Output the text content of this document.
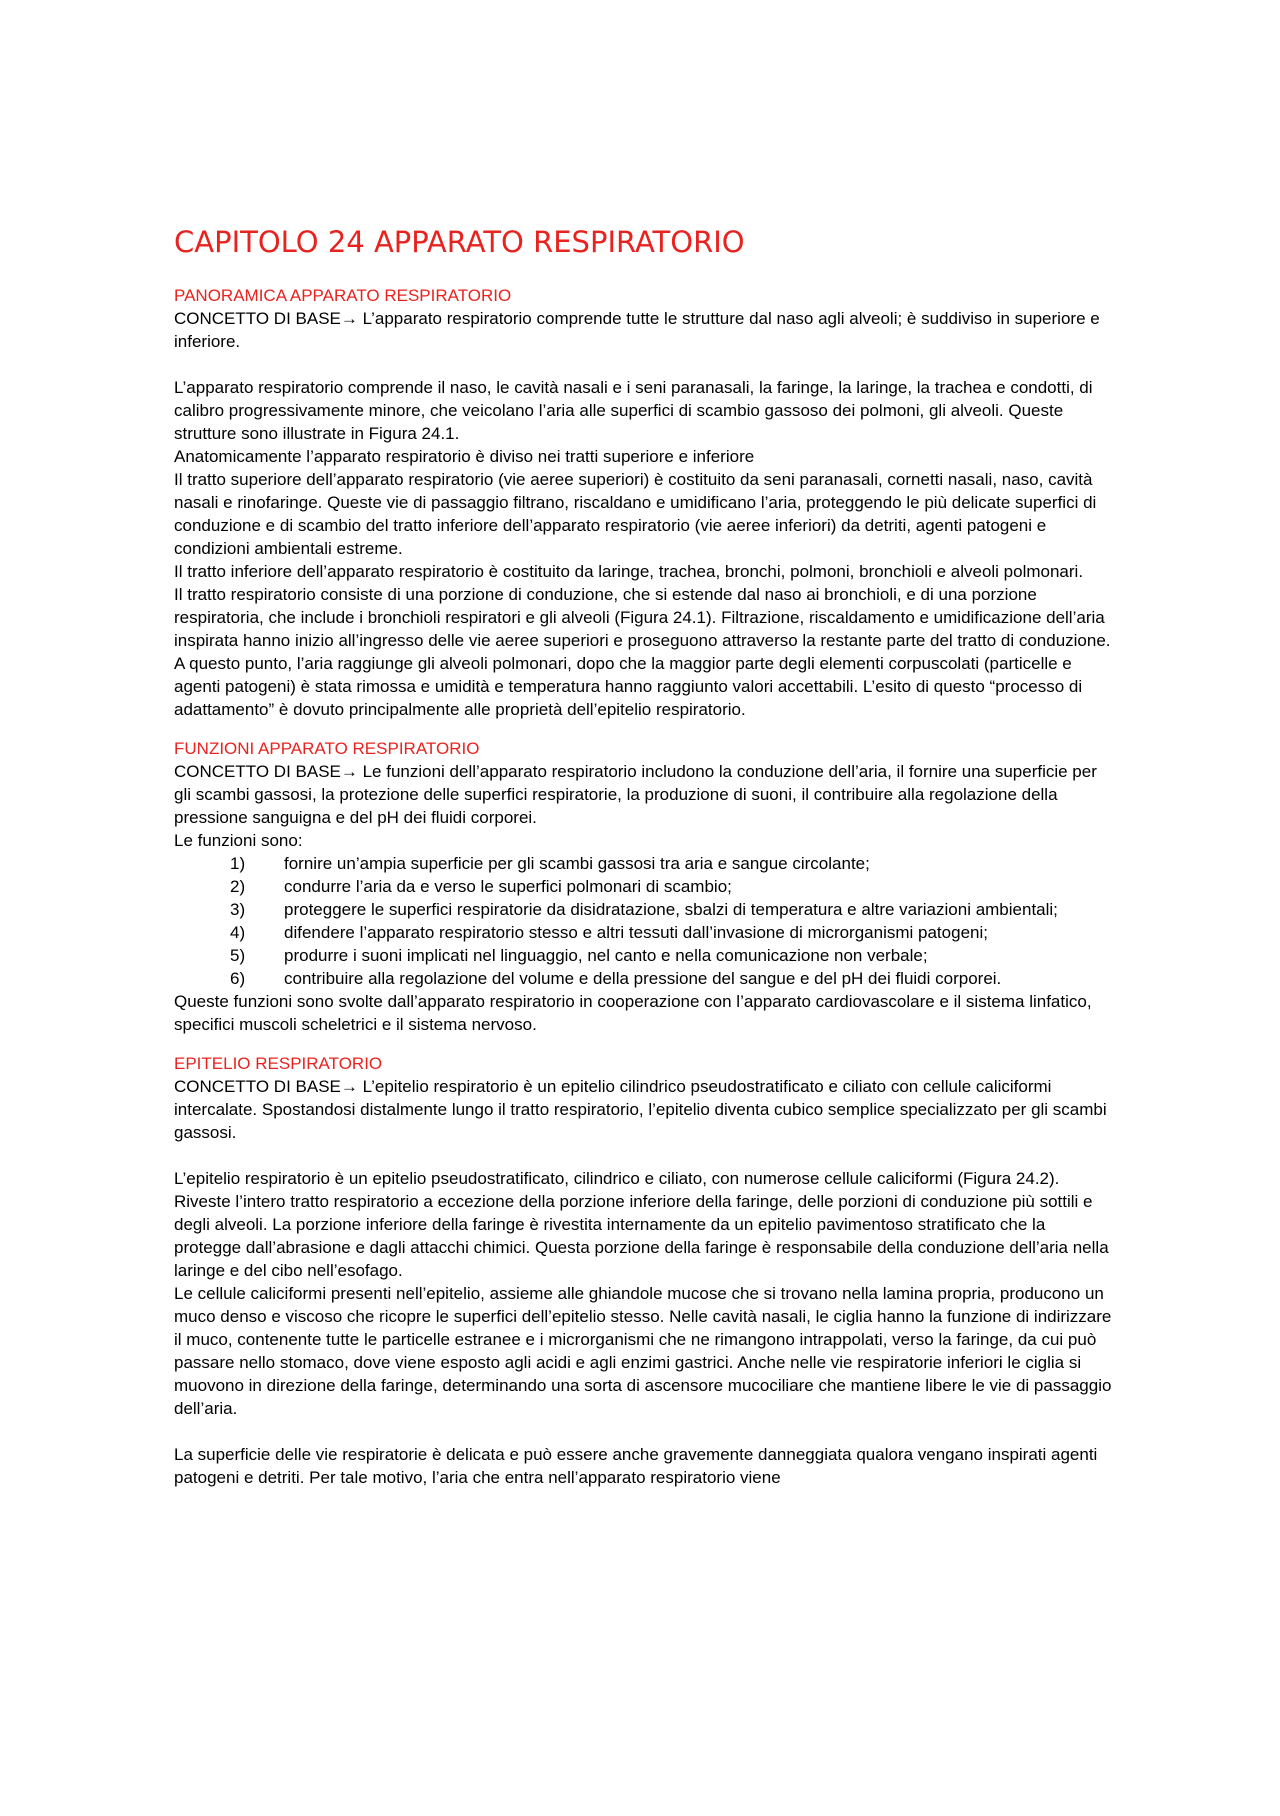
CAPITOLO 24 APPARATO RESPIRATORIO
PANORAMICA APPARATO RESPIRATORIO

CONCETTO DI BASE→ L’apparato respiratorio comprende tutte le strutture dal naso agli alveoli; è suddiviso in superiore e inferiore.

L’apparato respiratorio comprende il naso, le cavità nasali e i seni paranasali, la faringe, la laringe, la trachea e condotti, di calibro progressivamente minore, che veicolano l’aria alle superfici di scambio gassoso dei polmoni, gli alveoli. Queste strutture sono illustrate in Figura 24.1.

Anatomicamente l’apparato respiratorio è diviso nei tratti superiore e inferiore

Il tratto superiore dell’apparato respiratorio (vie aeree superiori) è costituito da seni paranasali, cornetti nasali, naso, cavità nasali e rinofaringe. Queste vie di passaggio filtrano, riscaldano e umidificano l’aria, proteggendo le più delicate superfici di conduzione e di scambio del tratto inferiore dell’apparato respiratorio (vie aeree inferiori) da detriti, agenti patogeni e condizioni ambientali estreme.

Il tratto inferiore dell’apparato respiratorio è costituito da laringe, trachea, bronchi, polmoni, bronchioli e alveoli polmonari.

Il tratto respiratorio consiste di una porzione di conduzione, che si estende dal naso ai bronchioli, e di una porzione respiratoria, che include i bronchioli respiratori e gli alveoli (Figura 24.1). Filtrazione, riscaldamento e umidificazione dell’aria inspirata hanno inizio all’ingresso delle vie aeree superiori e proseguono attraverso la restante parte del tratto di conduzione. A questo punto, l’aria raggiunge gli alveoli polmonari, dopo che la maggior parte degli elementi corpuscolati (particelle e agenti patogeni) è stata rimossa e umidità e temperatura hanno raggiunto valori accettabili. L’esito di questo “processo di adattamento” è dovuto principalmente alle proprietà dell’epitelio respiratorio.

FUNZIONI APPARATO RESPIRATORIO

CONCETTO DI BASE→ Le funzioni dell’apparato respiratorio includono la conduzione dell’aria, il fornire una superficie per gli scambi gassosi, la protezione delle superfici respiratorie, la produzione di suoni, il contribuire alla regolazione della pressione sanguigna e del pH dei fluidi corporei.

Le funzioni sono:

1) fornire un’ampia superficie per gli scambi gassosi tra aria e sangue circolante;
2) condurre l’aria da e verso le superfici polmonari di scambio;
3) proteggere le superfici respiratorie da disidratazione, sbalzi di temperatura e altre variazioni ambientali;
4) difendere l’apparato respiratorio stesso e altri tessuti dall’invasione di microrganismi patogeni;
5) produrre i suoni implicati nel linguaggio, nel canto e nella comunicazione non verbale;
6) contribuire alla regolazione del volume e della pressione del sangue e del pH dei fluidi corporei.

Queste funzioni sono svolte dall’apparato respiratorio in cooperazione con l’apparato cardiovascolare e il sistema linfatico, specifici muscoli scheletrici e il sistema nervoso.

EPITELIO RESPIRATORIO

CONCETTO DI BASE→ L’epitelio respiratorio è un epitelio cilindrico pseudostratificato e ciliato con cellule caliciformi intercalate. Spostandosi distalmente lungo il tratto respiratorio, l’epitelio diventa cubico semplice specializzato per gli scambi gassosi.

L’epitelio respiratorio è un epitelio pseudostratificato, cilindrico e ciliato, con numerose cellule caliciformi (Figura 24.2). Riveste l’intero tratto respiratorio a eccezione della porzione inferiore della faringe, delle porzioni di conduzione più sottili e degli alveoli. La porzione inferiore della faringe è rivestita internamente da un epitelio pavimentoso stratificato che la protegge dall’abrasione e dagli attacchi chimici. Questa porzione della faringe è responsabile della conduzione dell’aria nella laringe e del cibo nell’esofago.

Le cellule caliciformi presenti nell’epitelio, assieme alle ghiandole mucose che si trovano nella lamina propria, producono un muco denso e viscoso che ricopre le superfici dell’epitelio stesso. Nelle cavità nasali, le ciglia hanno la funzione di indirizzare il muco, contenente tutte le particelle estranee e i microrganismi che ne rimangono intrappolati, verso la faringe, da cui può passare nello stomaco, dove viene esposto agli acidi e agli enzimi gastrici. Anche nelle vie respiratorie inferiori le ciglia si muovono in direzione della faringe, determinando una sorta di ascensore mucociliare che mantiene libere le vie di passaggio dell’aria.

La superficie delle vie respiratorie è delicata e può essere anche gravemente danneggiata qualora vengano inspirati agenti patogeni e detriti. Per tale motivo, l’aria che entra nell’apparato respiratorio viene
